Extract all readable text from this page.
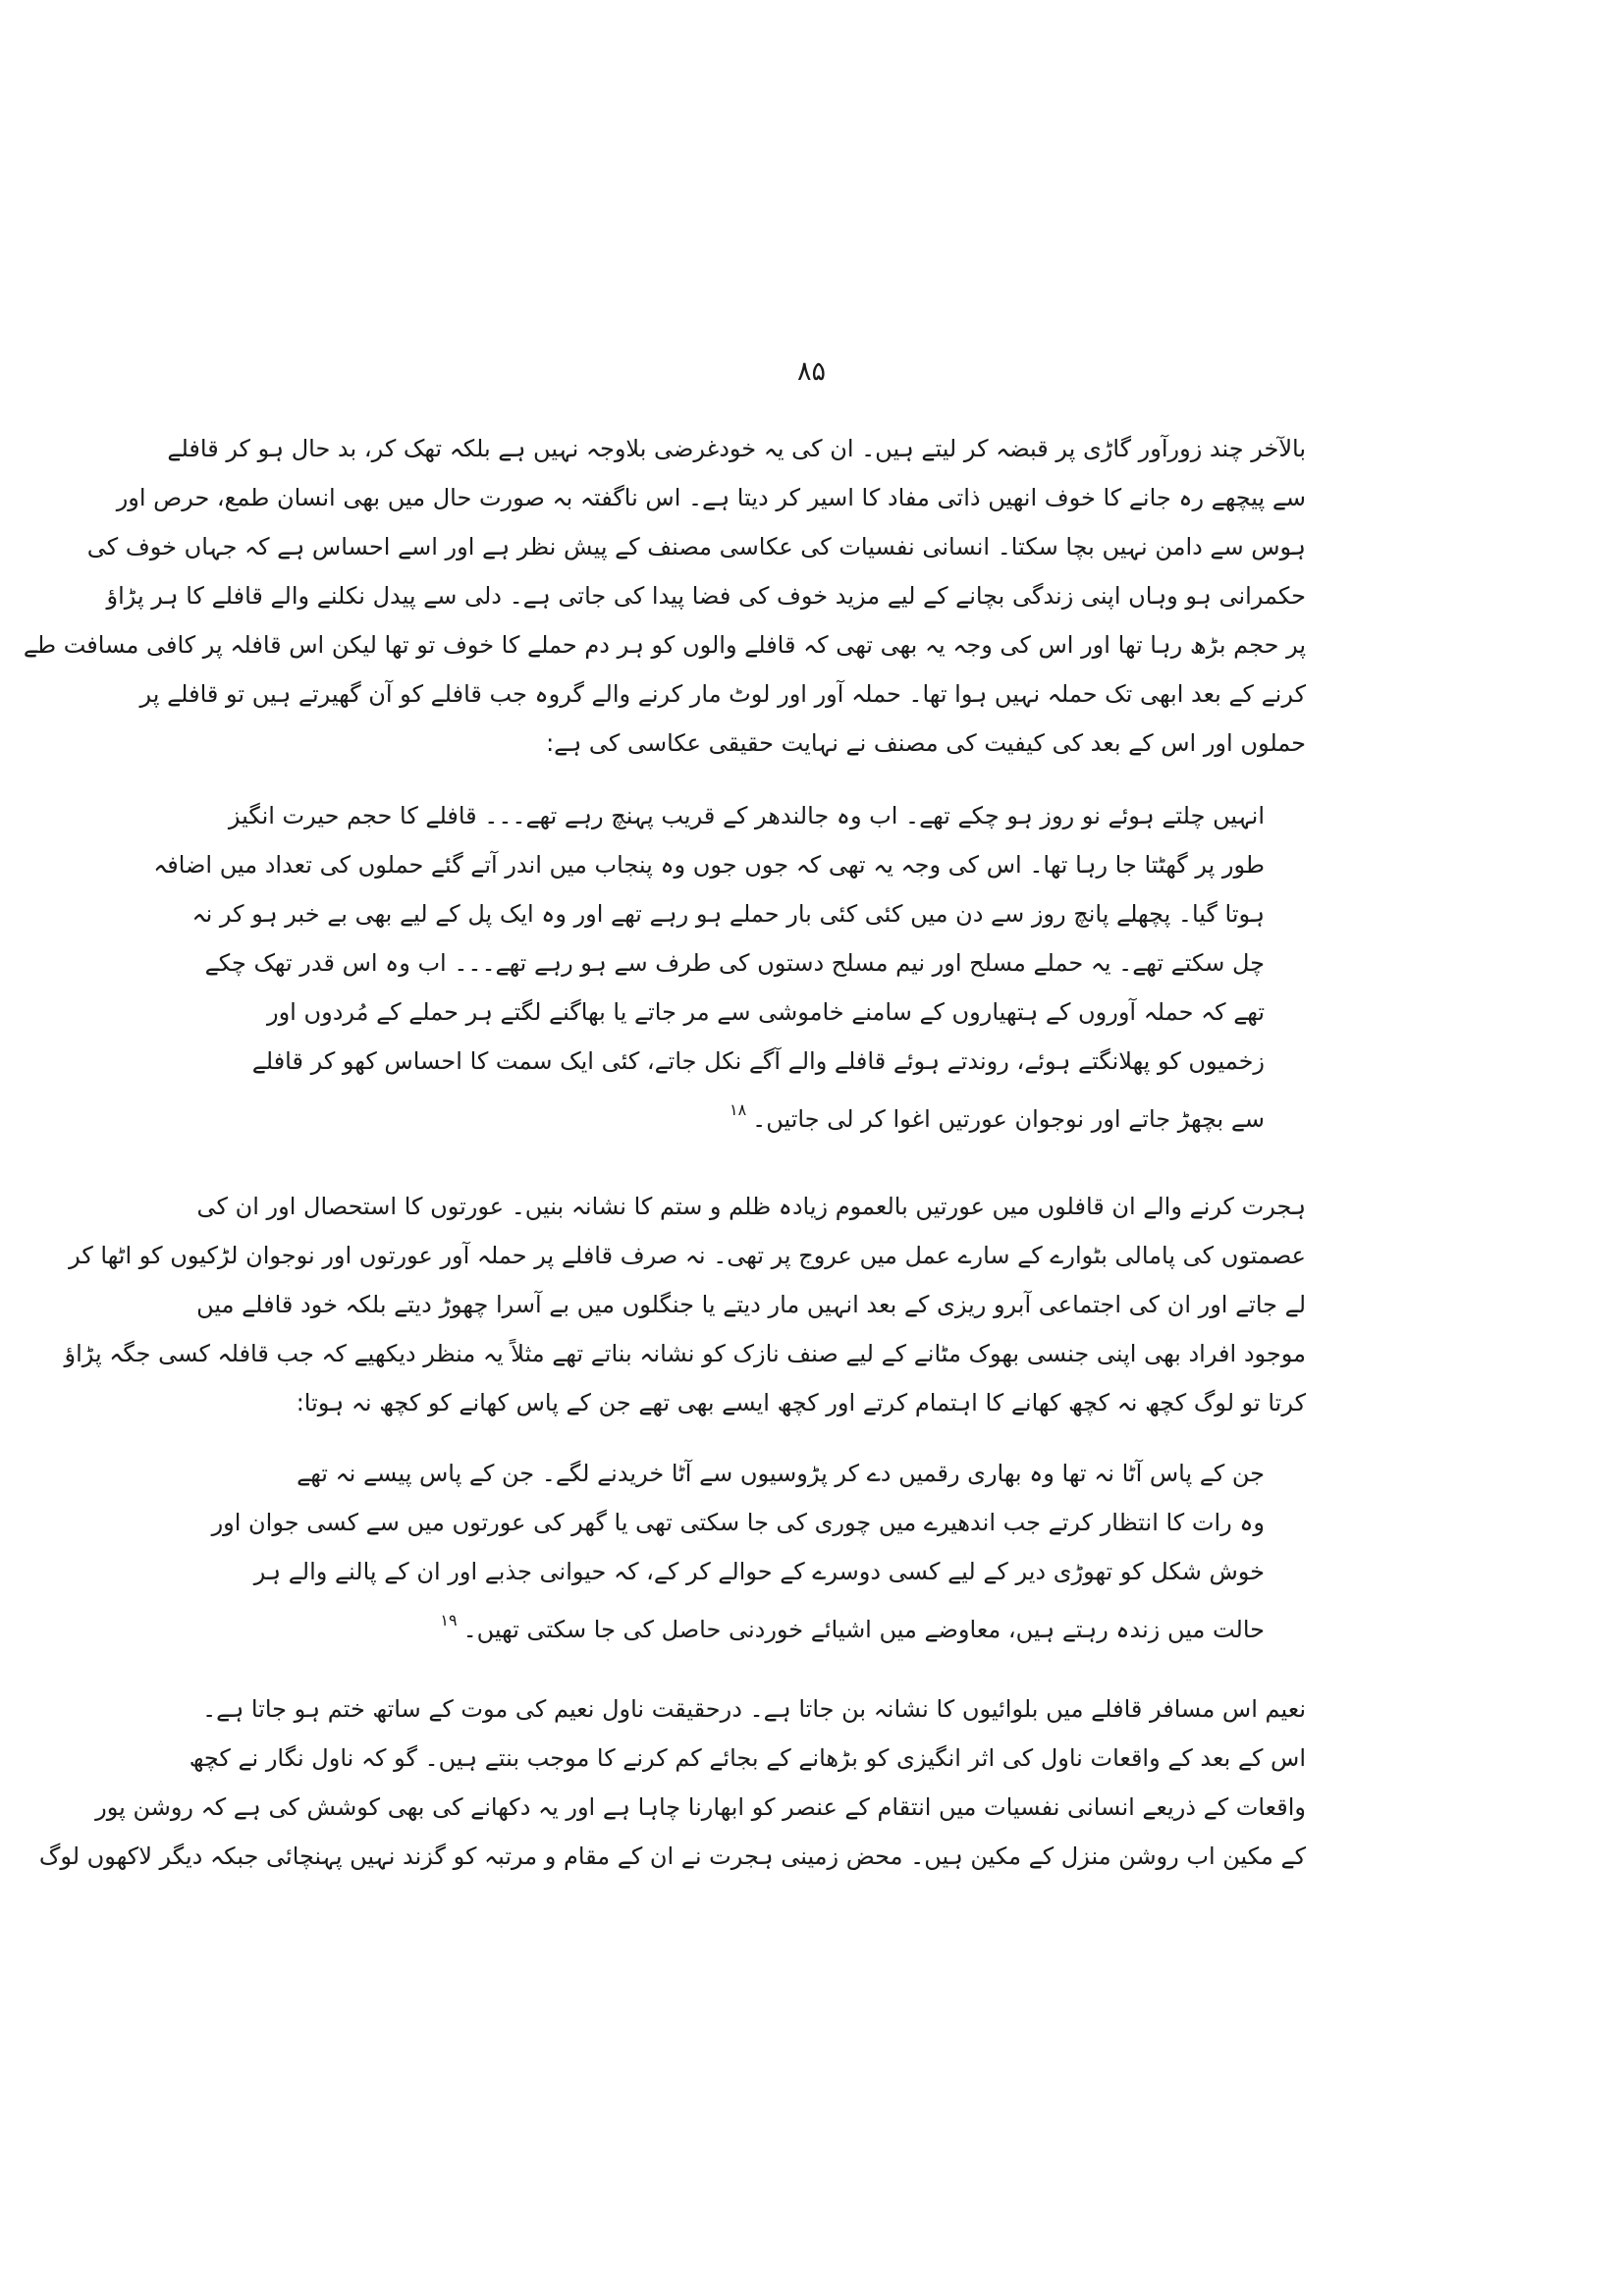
۸۵
بالآخر چند زورآور گاڑی پر قبضہ کر لیتے ہیں۔ ان کی یہ خودغرضی بلاوجہ نہیں ہے بلکہ تھک کر، بد حال ہو کر قافلے
سے پیچھے رہ جانے کا خوف انھیں ذاتی مفاد کا اسیر کر دیتا ہے۔ اس ناگفتہ بہ صورت حال میں بھی انسان طمع، حرص اور
ہوس سے دامن نہیں بچا سکتا۔ انسانی نفسیات کی عکاسی مصنف کے پیش نظر ہے اور اسے احساس ہے کہ جہاں خوف کی
حکمرانی ہو وہاں اپنی زندگی بچانے کے لیے مزید خوف کی فضا پیدا کی جاتی ہے۔ دلی سے پیدل نکلنے والے قافلے کا ہر پڑاؤ
پر حجم بڑھ رہا تھا اور اس کی وجہ یہ بھی تھی کہ قافلے والوں کو ہر دم حملے کا خوف تو تھا لیکن اس قافلہ پر کافی مسافت طے
کرنے کے بعد ابھی تک حملہ نہیں ہوا تھا۔ حملہ آور اور لوٹ مار کرنے والے گروہ جب قافلے کو آن گھیرتے ہیں تو قافلے پر
حملوں اور اس کے بعد کی کیفیت کی مصنف نے نہایت حقیقی عکاسی کی ہے:
انہیں چلتے ہوئے نو روز ہو چکے تھے۔ اب وہ جالندھر کے قریب پہنچ رہے تھے۔۔۔ قافلے کا حجم حیرت انگیز
طور پر گھٹتا جا رہا تھا۔ اس کی وجہ یہ تھی کہ جوں جوں وہ پنجاب میں اندر آتے گئے حملوں کی تعداد میں اضافہ
ہوتا گیا۔ پچھلے پانچ روز سے دن میں کئی کئی بار حملے ہو رہے تھے اور وہ ایک پل کے لیے بھی بے خبر ہو کر نہ
چل سکتے تھے۔ یہ حملے مسلح اور نیم مسلح دستوں کی طرف سے ہو رہے تھے۔۔۔ اب وہ اس قدر تھک چکے
تھے کہ حملہ آوروں کے ہتھیاروں کے سامنے خاموشی سے مر جاتے یا بھاگنے لگتے ہر حملے کے مُردوں اور
زخمیوں کو پھلانگتے ہوئے، روندتے ہوئے قافلے والے آگے نکل جاتے، کئی ایک سمت کا احساس کھو کر قافلے
سے بچھڑ جاتے اور نوجوان عورتیں اغوا کر لی جاتیں۔$^{۱۸}$
ہجرت کرنے والے ان قافلوں میں عورتیں بالعموم زیادہ ظلم و ستم کا نشانہ بنیں۔ عورتوں کا استحصال اور ان کی
عصمتوں کی پامالی بٹوارے کے سارے عمل میں عروج پر تھی۔ نہ صرف قافلے پر حملہ آور عورتوں اور نوجوان لڑکیوں کو اٹھا کر
لے جاتے اور ان کی اجتماعی آبرو ریزی کے بعد انہیں مار دیتے یا جنگلوں میں بے آسرا چھوڑ دیتے بلکہ خود قافلے میں
موجود افراد بھی اپنی جنسی بھوک مٹانے کے لیے صنف نازک کو نشانہ بناتے تھے مثلاً یہ منظر دیکھیے کہ جب قافلہ کسی جگہ پڑاؤ
کرتا تو لوگ کچھ نہ کچھ کھانے کا اہتمام کرتے اور کچھ ایسے بھی تھے جن کے پاس کھانے کو کچھ نہ ہوتا:
جن کے پاس آٹا نہ تھا وہ بھاری رقمیں دے کر پڑوسیوں سے آٹا خریدنے لگے۔ جن کے پاس پیسے نہ تھے
وہ رات کا انتظار کرتے جب اندھیرے میں چوری کی جا سکتی تھی یا گھر کی عورتوں میں سے کسی جوان اور
خوش شکل کو تھوڑی دیر کے لیے کسی دوسرے کے حوالے کر کے، کہ حیوانی جذبے اور ان کے پالنے والے ہر
حالت میں زندہ رہتے ہیں، معاوضے میں اشیائے خوردنی حاصل کی جا سکتی تھیں۔$^{۱۹}$
نعیم اس مسافر قافلے میں بلوائیوں کا نشانہ بن جاتا ہے۔ درحقیقت ناول نعیم کی موت کے ساتھ ختم ہو جاتا ہے۔
اس کے بعد کے واقعات ناول کی اثر انگیزی کو بڑھانے کے بجائے کم کرنے کا موجب بنتے ہیں۔ گو کہ ناول نگار نے کچھ
واقعات کے ذریعے انسانی نفسیات میں انتقام کے عنصر کو ابھارنا چاہا ہے اور یہ دکھانے کی بھی کوشش کی ہے کہ روشن پور
کے مکین اب روشن منزل کے مکین ہیں۔ محض زمینی ہجرت نے ان کے مقام و مرتبہ کو گزند نہیں پہنچائی جبکہ دیگر لاکھوں لوگ
